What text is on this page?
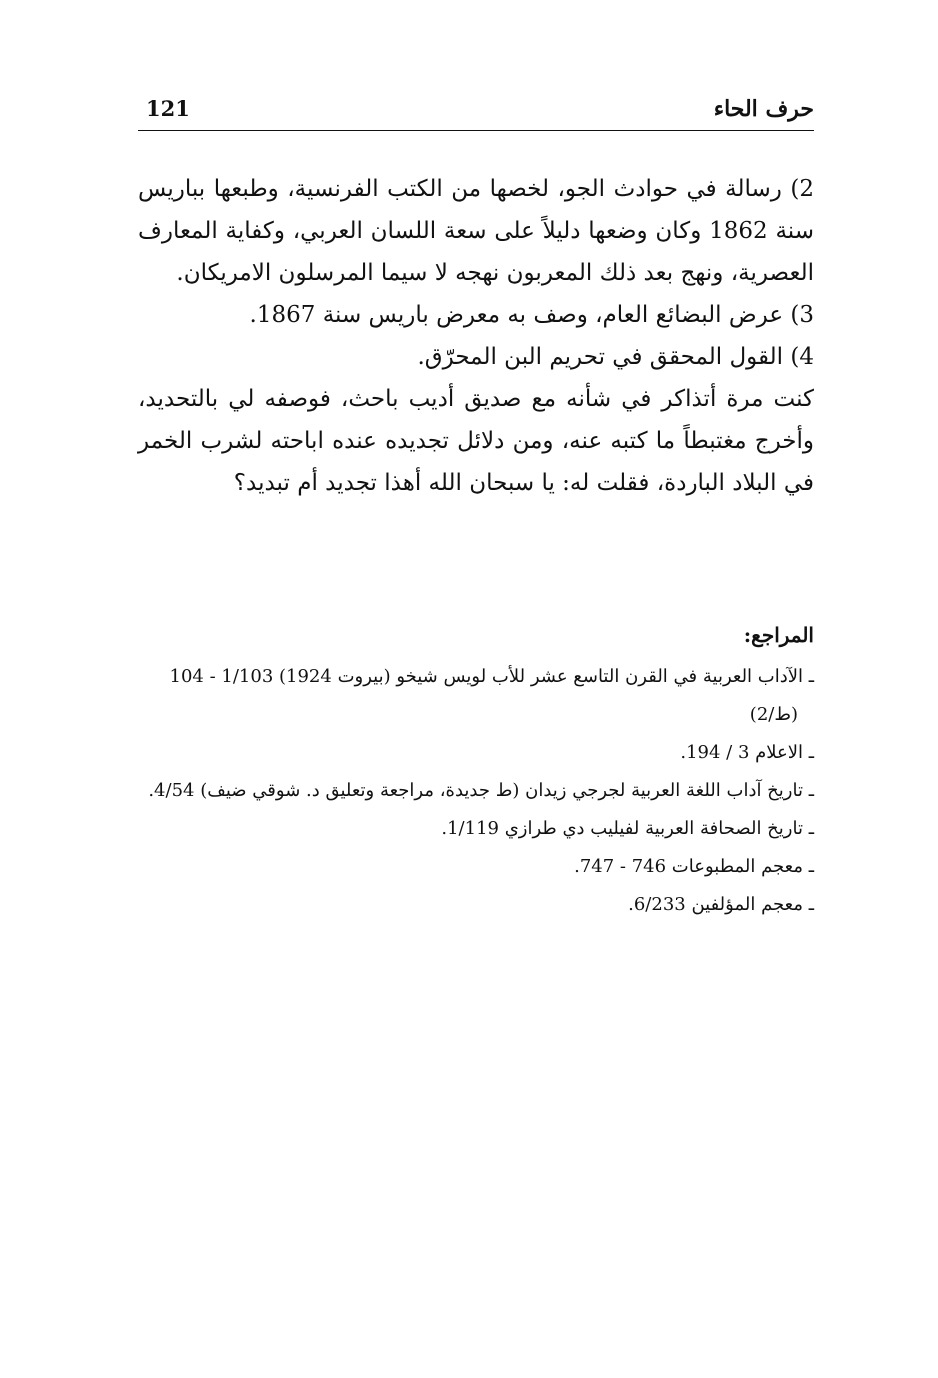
121	حرف الحاء

2) رسالة في حوادث الجو، لخصها من الكتب الفرنسية، وطبعها بباريس سنة 1862 وكان وضعها دليلاً على سعة اللسان العربي، وكفاية المعارف العصرية، ونهج بعد ذلك المعربون نهجه لا سيما المرسلون الامريكان.

3) عرض البضائع العام، وصف به معرض باريس سنة 1867.

4) القول المحقق في تحريم البن المحرّق.

كنت مرة أتذاكر في شأنه مع صديق أديب باحث، فوصفه لي بالتحديد، وأخرج مغتبطاً ما كتبه عنه، ومن دلائل تجديده عنده اباحته لشرب الخمر في البلاد الباردة، فقلت له: يا سبحان الله أهذا تجديد أم تبديد؟

المراجع:

ـ الآداب العربية في القرن التاسع عشر للأب لويس شيخو (بيروت 1924) 1/103 - 104 (ط/2)

ـ الاعلام 3 / 194.

ـ تاريخ آداب اللغة العربية لجرجي زيدان (ط جديدة، مراجعة وتعليق د. شوقي ضيف) 4/54.

ـ تاريخ الصحافة العربية لفيليب دي طرازي 1/119.

ـ معجم المطبوعات 746 - 747.

ـ معجم المؤلفين 6/233.
